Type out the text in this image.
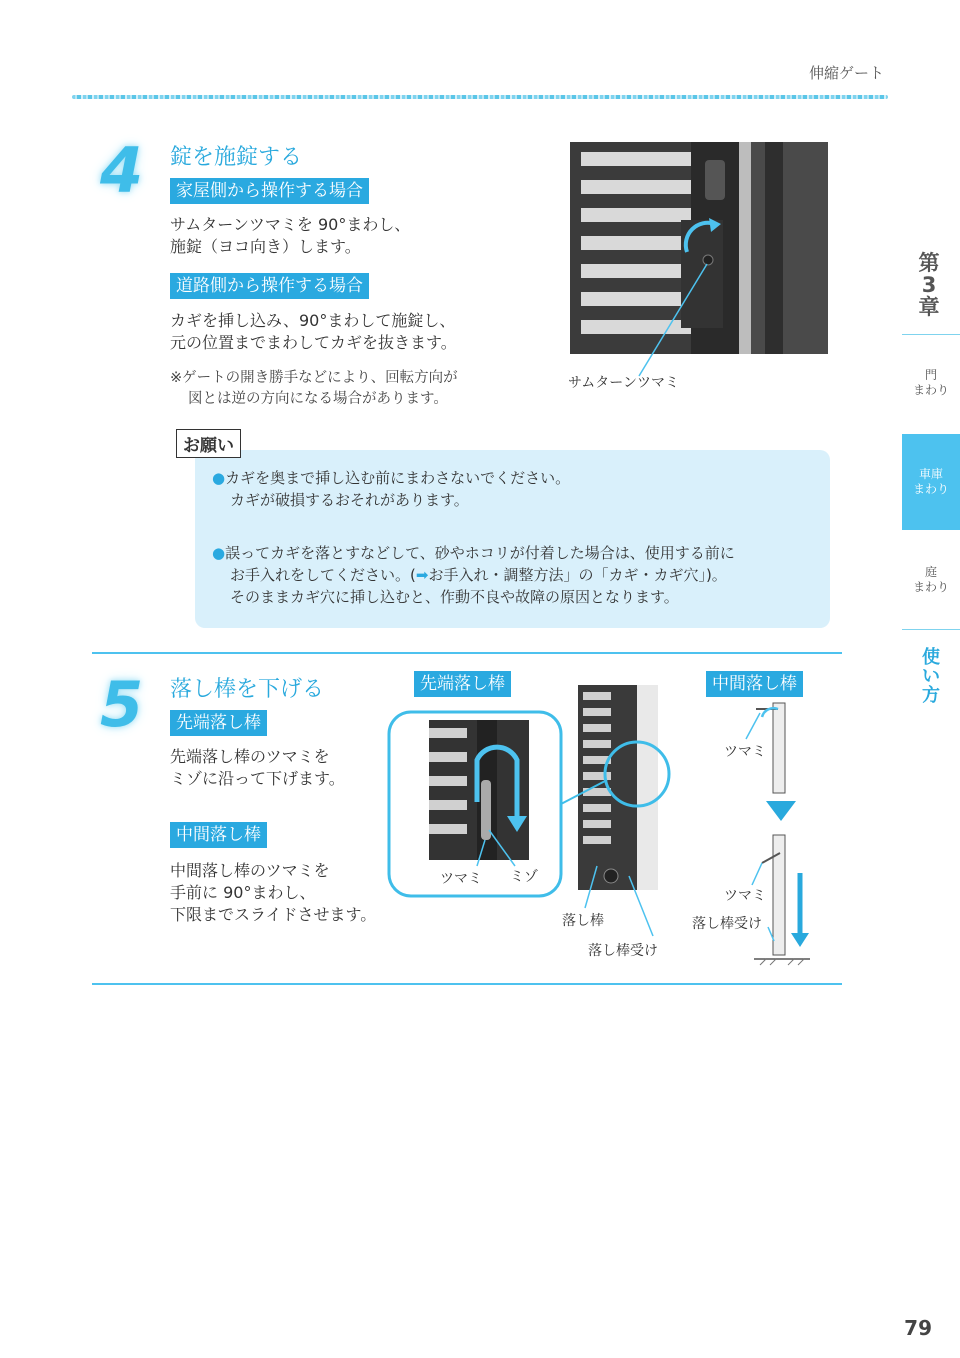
伸縮ゲート
4 錠を施錠する
家屋側から操作する場合
サムターンツマミを 90°まわし、
施錠（ヨコ向き）します。
道路側から操作する場合
カギを挿し込み、90°まわして施錠し、
元の位置までまわしてカギを抜きます。
※ゲートの開き勝手などにより、回転方向が
図とは逆の方向になる場合があります。
サムターンツマミ
お願い
●カギを奥まで挿し込む前にまわさないでください。
カギが破損するおそれがあります。
●誤ってカギを落とすなどして、砂やホコリが付着した場合は、使用する前に
お手入れをしてください。(➡お手入れ・調整方法」の「カギ・カギ穴」)。
そのままカギ穴に挿し込むと、作動不良や故障の原因となります。
5 落し棒を下げる
先端落し棒
先端落し棒のツマミを
ミゾに沿って下げます。
中間落し棒
中間落し棒のツマミを
手前に 90°まわし、
下限までスライドさせます。
先端落し棒	中間落し棒
ツマミ ミゾ
落し棒
落し棒受け
ツマミ
ツマミ
落し棒受け
第
3
章
門
まわり
車庫
まわり
庭
まわり
使
い
方
79
